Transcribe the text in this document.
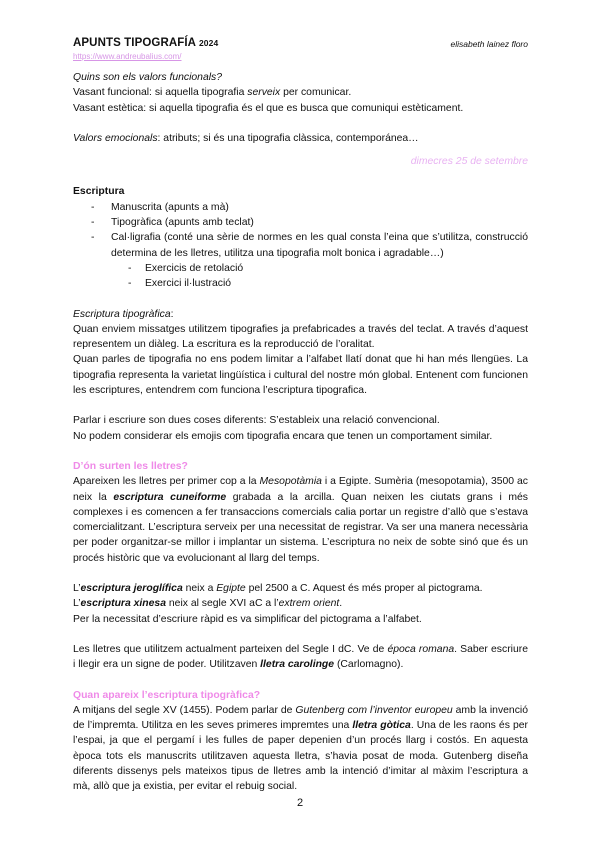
APUNTS TIPOGRAFÍA 2024	elisabeth lainez floro
https://www.andreubalius.com/

Quins son els valors funcionals?

Vasant funcional: si aquella tipografia serveix per comunicar.

Vasant estètica: si aquella tipografia és el que es busca que comuniqui estèticament.

Valors emocionals: atributs; si és una tipografia clàssica, contemporánea…

dimecres 25 de setembre

Escriptura

- Manuscrita (apunts a mà)
- Tipogràfica (apunts amb teclat)
- Cal·ligrafia (conté una sèrie de normes en les qual consta l’eina que s’utilitza, construcció determina de les lletres, utilitza una tipografia molt bonica i agradable…)
- Exercicis de retolació
- Exercici il·lustració

Escriptura tipogràfica:

Quan enviem missatges utilitzem tipografies ja prefabricades a través del teclat. A través d’aquest representem un diàleg. La escritura es la reproducció de l’oralitat.

Quan parles de tipografia no ens podem limitar a l’alfabet llatí donat que hi han més llengües. La tipografia representa la varietat lingüística i cultural del nostre món global. Entenent com funcionen les escriptures, entendrem com funciona l’escriptura tipografica.

Parlar i escriure son dues coses diferents: S’estableix una relació convencional.

No podem considerar els emojis com tipografia encara que tenen un comportament similar.

D’ón surten les lletres?

Apareixen les lletres per primer cop a la Mesopotàmia i a Egipte. Sumèria (mesopotamia), 3500 ac neix la escriptura cuneiforme grabada a la arcilla. Quan neixen les ciutats grans i més complexes i es comencen a fer transaccions comercials calia portar un registre d’allò que s’estava comercialitzant. L’escriptura serveix per una necessitat de registrar. Va ser una manera necessària per poder organitzar-se millor i implantar un sistema. L’escriptura no neix de sobte sinó que és un procés històric que va evolucionant al llarg del temps.

L’escriptura jeroglífica neix a Egipte pel 2500 a C. Aquest és més proper al pictograma.

L’escriptura xinesa neix al segle XVI aC a l’extrem orient.

Per la necessitat d’escriure ràpid es va simplificar del pictograma a l’alfabet.

Les lletres que utilitzem actualment parteixen del Segle I dC. Ve de época romana. Saber escriure i llegir era un signe de poder. Utilitzaven lletra carolinge (Carlomagno).

Quan apareix l’escriptura tipogràfica?

A mitjans del segle XV (1455). Podem parlar de Gutenberg com l’inventor europeu amb la invenció de l’impremta. Utilitza en les seves primeres impremtes una lletra gòtica. Una de les raons és per l’espai, ja que el pergamí i les fulles de paper depenien d’un procés llarg i costós. En aquesta època tots els manuscrits utilitzaven aquesta lletra, s’havia posat de moda. Gutenberg diseña diferents dissenys pels mateixos tipus de lletres amb la intenció d’imitar al màxim l’escriptura a mà, allò que ja existia, per evitar el rebuig social.

2
